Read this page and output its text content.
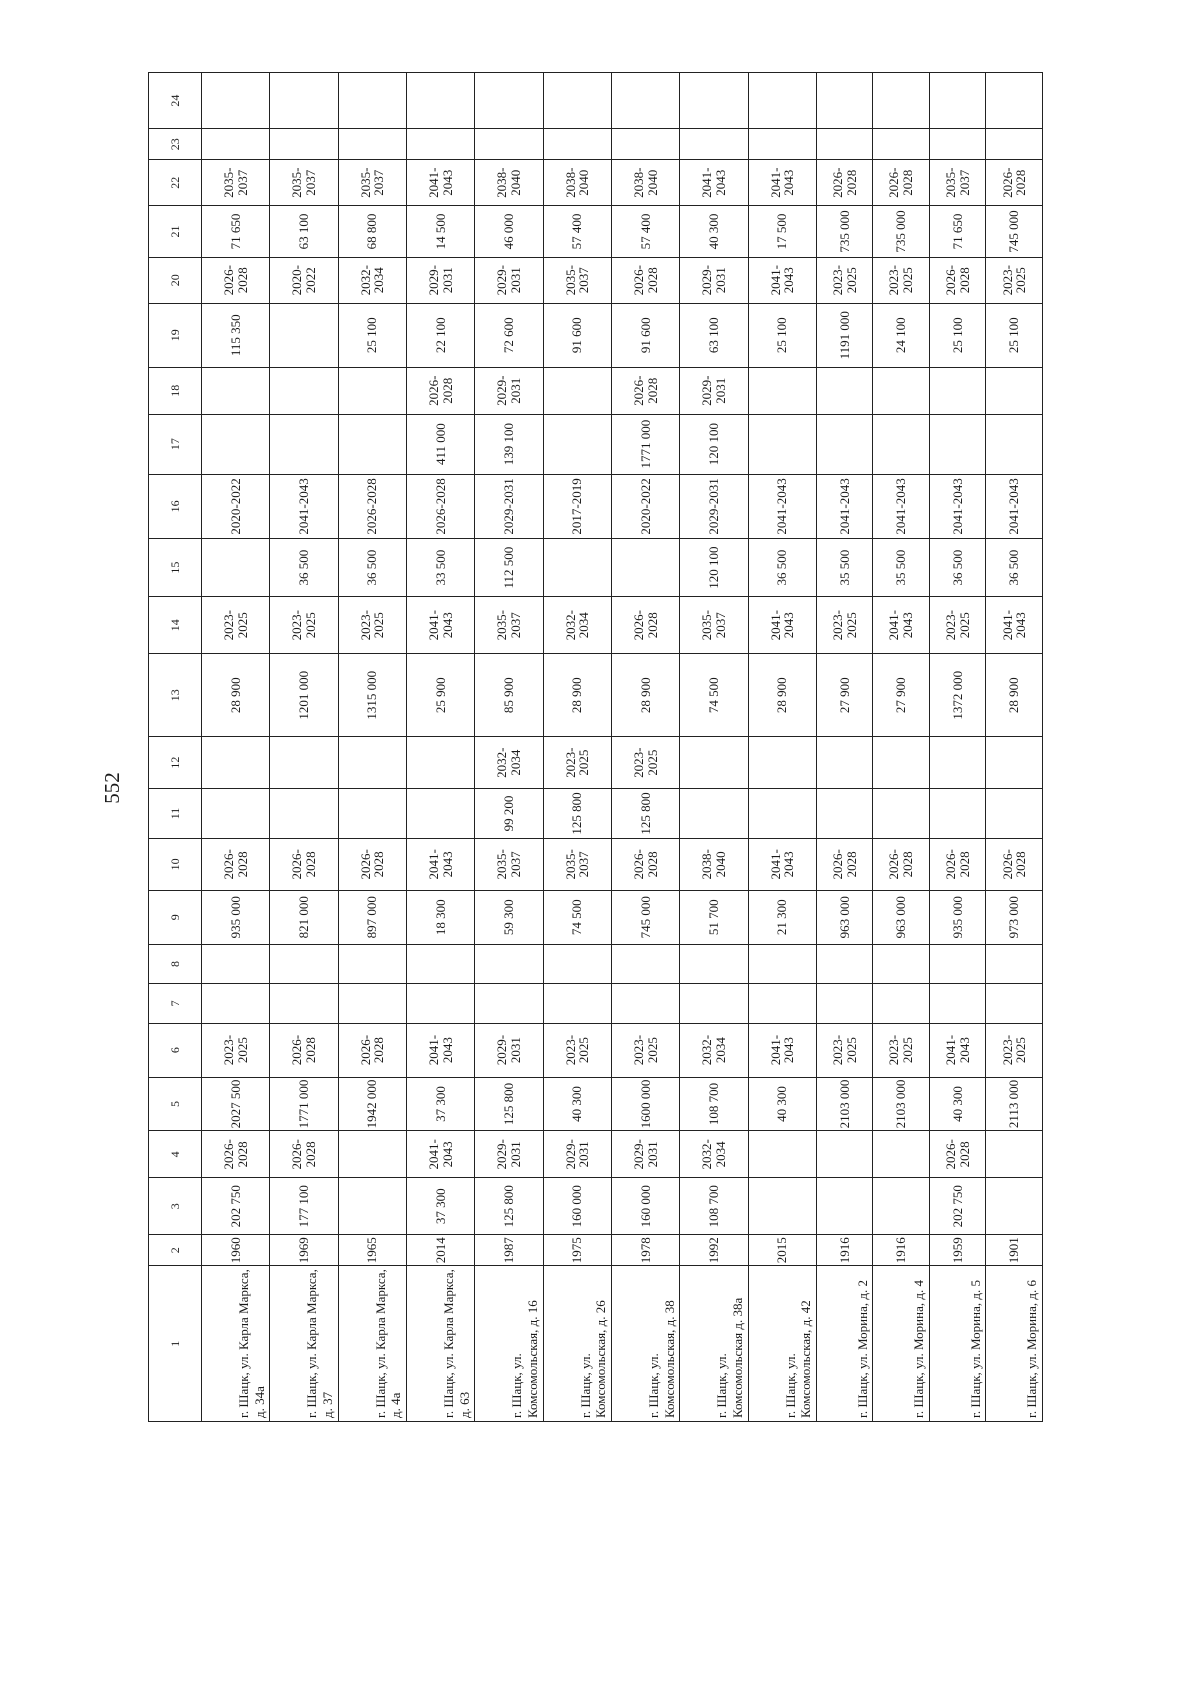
552
1	2	3	4	5	6	7	8	9	10	11	12	13	14	15	16	17	18	19	20	21	22	23	24
г. Шацк, ул. Карла Маркса, д. 34а	1960	202 750	2026-2028	2027 500	2023-2025			935 000	2026-2028			28 900	2023-2025		2020-2022			115 350	2026-2028	71 650	2035-2037		
г. Шацк, ул. Карла Маркса, д. 37	1969	177 100	2026-2028	1771 000	2026-2028			821 000	2026-2028			1201 000	2023-2025	36 500	2041-2043				2020-2022	63 100	2035-2037		
г. Шацк, ул. Карла Маркса, д. 4а	1965			1942 000	2026-2028			897 000	2026-2028			1315 000	2023-2025	36 500	2026-2028			25 100	2032-2034	68 800	2035-2037		
г. Шацк, ул. Карла Маркса, д. 63	2014	37 300	2041-2043	37 300	2041-2043			18 300	2041-2043			25 900	2041-2043	33 500	2026-2028	411 000	2026-2028	22 100	2029-2031	14 500	2041-2043		
г. Шацк, ул. Комсомольская, д. 16	1987	125 800	2029-2031	125 800	2029-2031			59 300	2035-2037	99 200	2032-2034	85 900	2035-2037	112 500	2029-2031	139 100	2029-2031	72 600	2029-2031	46 000	2038-2040		
г. Шацк, ул. Комсомольская, д. 26	1975	160 000	2029-2031	40 300	2023-2025			74 500	2035-2037	125 800	2023-2025	28 900	2032-2034		2017-2019			91 600	2035-2037	57 400	2038-2040		
г. Шацк, ул. Комсомольская, д. 38	1978	160 000	2029-2031	1600 000	2023-2025			745 000	2026-2028	125 800	2023-2025	28 900	2026-2028		2020-2022	1771 000	2026-2028	91 600	2026-2028	57 400	2038-2040		
г. Шацк, ул. Комсомольская д. 38а	1992	108 700	2032-2034	108 700	2032-2034			51 700	2038-2040			74 500	2035-2037	120 100	2029-2031	120 100	2029-2031	63 100	2029-2031	40 300	2041-2043		
г. Шацк, ул. Комсомольская, д. 42	2015			40 300	2041-2043			21 300	2041-2043			28 900	2041-2043	36 500	2041-2043			25 100	2041-2043	17 500	2041-2043		
г. Шацк, ул. Морина, д. 2	1916			2103 000	2023-2025			963 000	2026-2028			27 900	2023-2025	35 500	2041-2043			1191 000	2023-2025	735 000	2026-2028		
г. Шацк, ул. Морина, д. 4	1916			2103 000	2023-2025			963 000	2026-2028			27 900	2041-2043	35 500	2041-2043			24 100	2023-2025	735 000	2026-2028		
г. Шацк, ул. Морина, д. 5	1959	202 750	2026-2028	40 300	2041-2043			935 000	2026-2028			1372 000	2023-2025	36 500	2041-2043			25 100	2026-2028	71 650	2035-2037		
г. Шацк, ул. Морина, д. 6	1901			2113 000	2023-2025			973 000	2026-2028			28 900	2041-2043	36 500	2041-2043			25 100	2023-2025	745 000	2026-2028		
